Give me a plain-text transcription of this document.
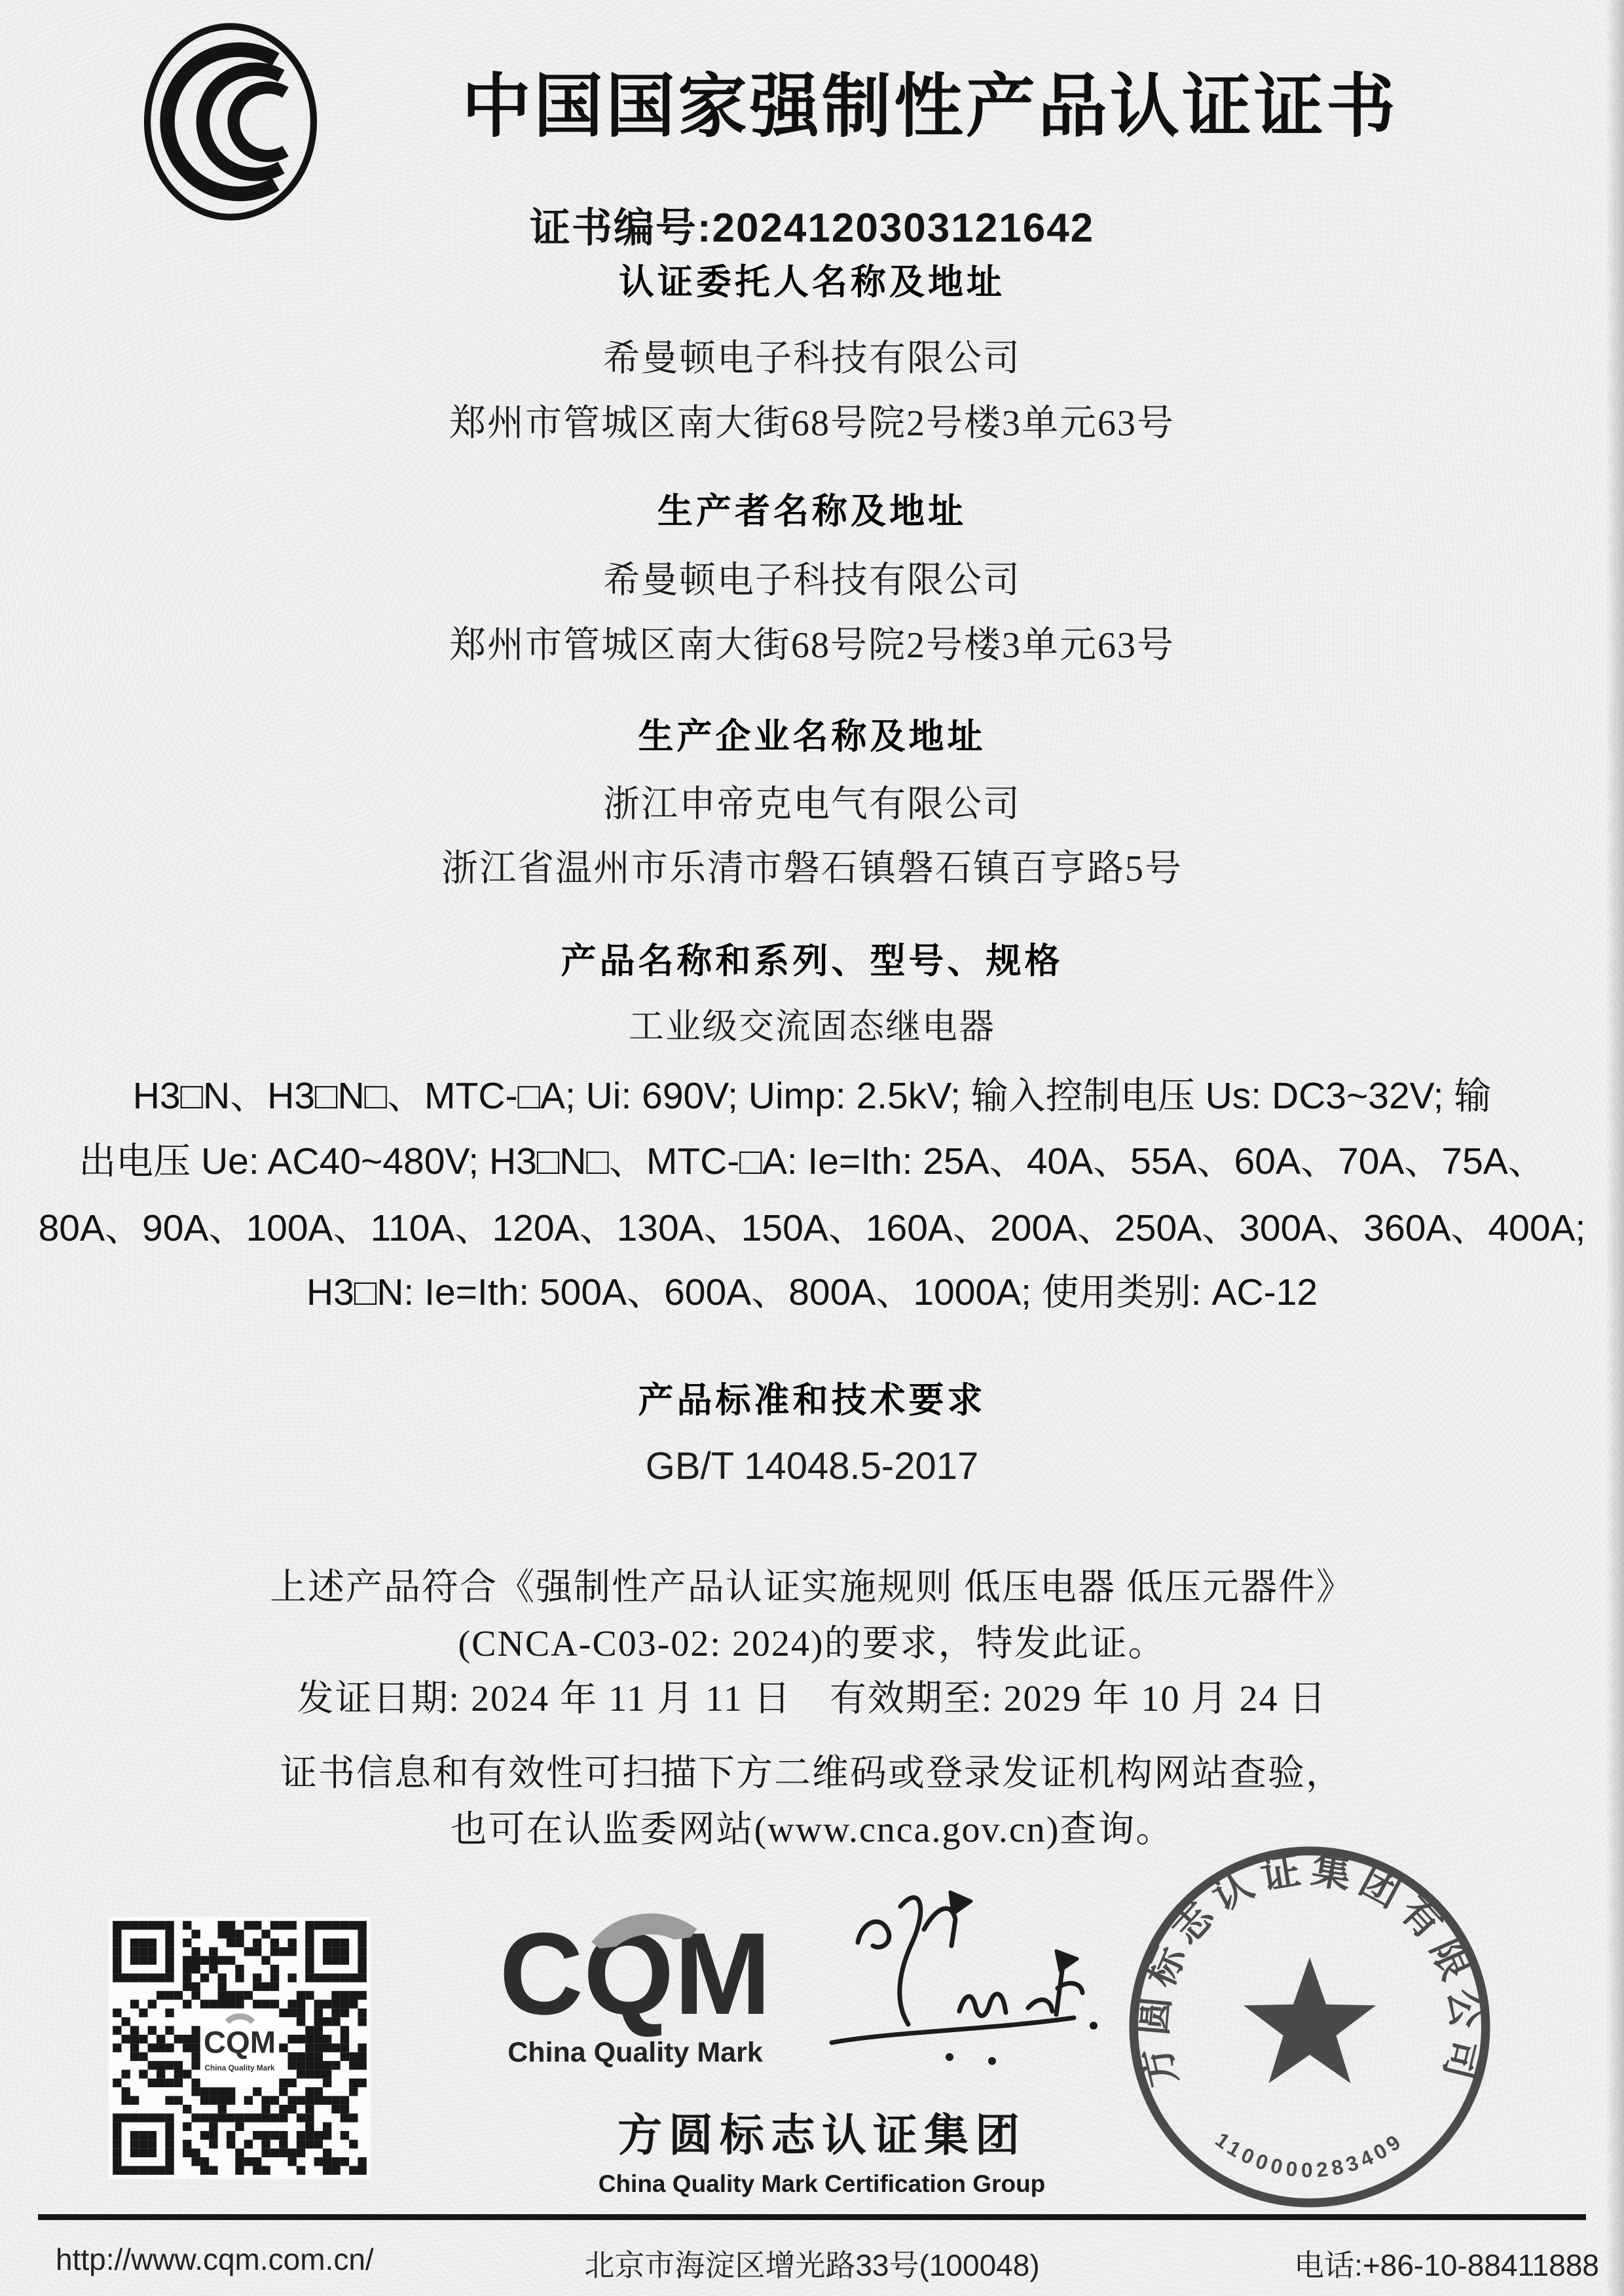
中国国家强制性产品认证证书
证书编号:2024120303121642
认证委托人名称及地址
希曼顿电子科技有限公司
郑州市管城区南大街68号院2号楼3单元63号
生产者名称及地址
希曼顿电子科技有限公司
郑州市管城区南大街68号院2号楼3单元63号
生产企业名称及地址
浙江申帝克电气有限公司
浙江省温州市乐清市磐石镇磐石镇百亨路5号
产品名称和系列、型号、规格
工业级交流固态继电器
H3□N、H3□N□、MTC-□A; Ui: 690V; Uimp: 2.5kV; 输入控制电压 Us: DC3~32V; 输
出电压 Ue: AC40~480V; H3□N□、MTC-□A: Ie=Ith: 25A、40A、55A、60A、70A、75A、
80A、90A、100A、110A、120A、130A、150A、160A、200A、250A、300A、360A、400A;
H3□N: Ie=Ith: 500A、600A、800A、1000A; 使用类别: AC-12
产品标准和技术要求
GB/T 14048.5-2017
上述产品符合《强制性产品认证实施规则 低压电器 低压元器件》
(CNCA-C03-02: 2024)的要求，特发此证。
发证日期: 2024 年 11 月 11 日　有效期至: 2029 年 10 月 24 日
证书信息和有效性可扫描下方二维码或登录发证机构网站查验，
也可在认监委网站(www.cnca.gov.cn)查询。
CQM
China Quality Mark
CQM
China Quality Mark
方圆标志认证集团
China Quality Mark Certification Group
方圆标志认证集团有限公司
1100000283409
http://www.cqm.com.cn/	北京市海淀区增光路33号(100048)	电话:+86-10-88411888
